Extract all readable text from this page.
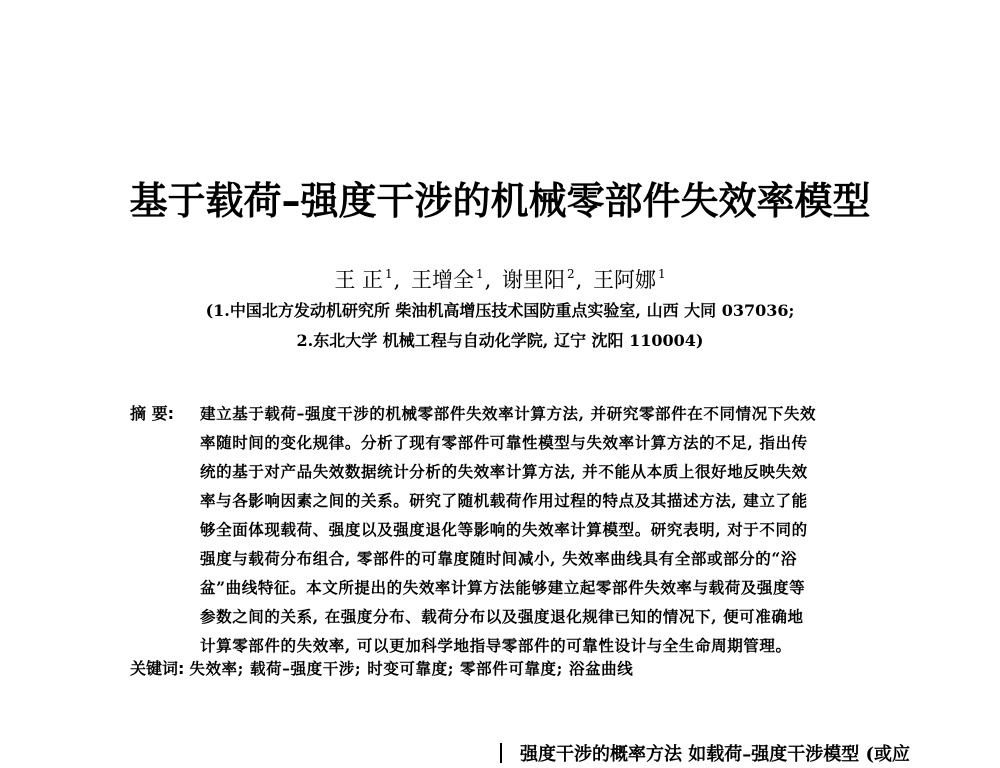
基于载荷–强度干涉的机械零部件失效率模型
王 正 $^1$, 王增全 $^1$, 谢里阳 $^2$, 王阿娜 $^1$
(1.中国北方发动机研究所 柴油机高增压技术国防重点实验室, 山西 大同 037036;
2.东北大学 机械工程与自动化学院, 辽宁 沈阳 110004)
摘 要: 建立基于载荷–强度干涉的机械零部件失效率计算方法, 并研究零部件在不同情况下失效
率随时间的变化规律。分析了现有零部件可靠性模型与失效率计算方法的不足, 指出传
统的基于对产品失效数据统计分析的失效率计算方法, 并不能从本质上很好地反映失效
率与各影响因素之间的关系。研究了随机载荷作用过程的特点及其描述方法, 建立了能
够全面体现载荷、强度以及强度退化等影响的失效率计算模型。研究表明, 对于不同的
强度与载荷分布组合, 零部件的可靠度随时间减小, 失效率曲线具有全部或部分的“浴
盆”曲线特征。本文所提出的失效率计算方法能够建立起零部件失效率与载荷及强度等
参数之间的关系, 在强度分布、载荷分布以及强度退化规律已知的情况下, 便可准确地
计算零部件的失效率, 可以更加科学地指导零部件的可靠性设计与全生命周期管理。
关键词: 失效率; 载荷–强度干涉; 时变可靠度; 零部件可靠度; 浴盆曲线
强度干涉的概率方法 如载荷–强度干涉模型 (或应
